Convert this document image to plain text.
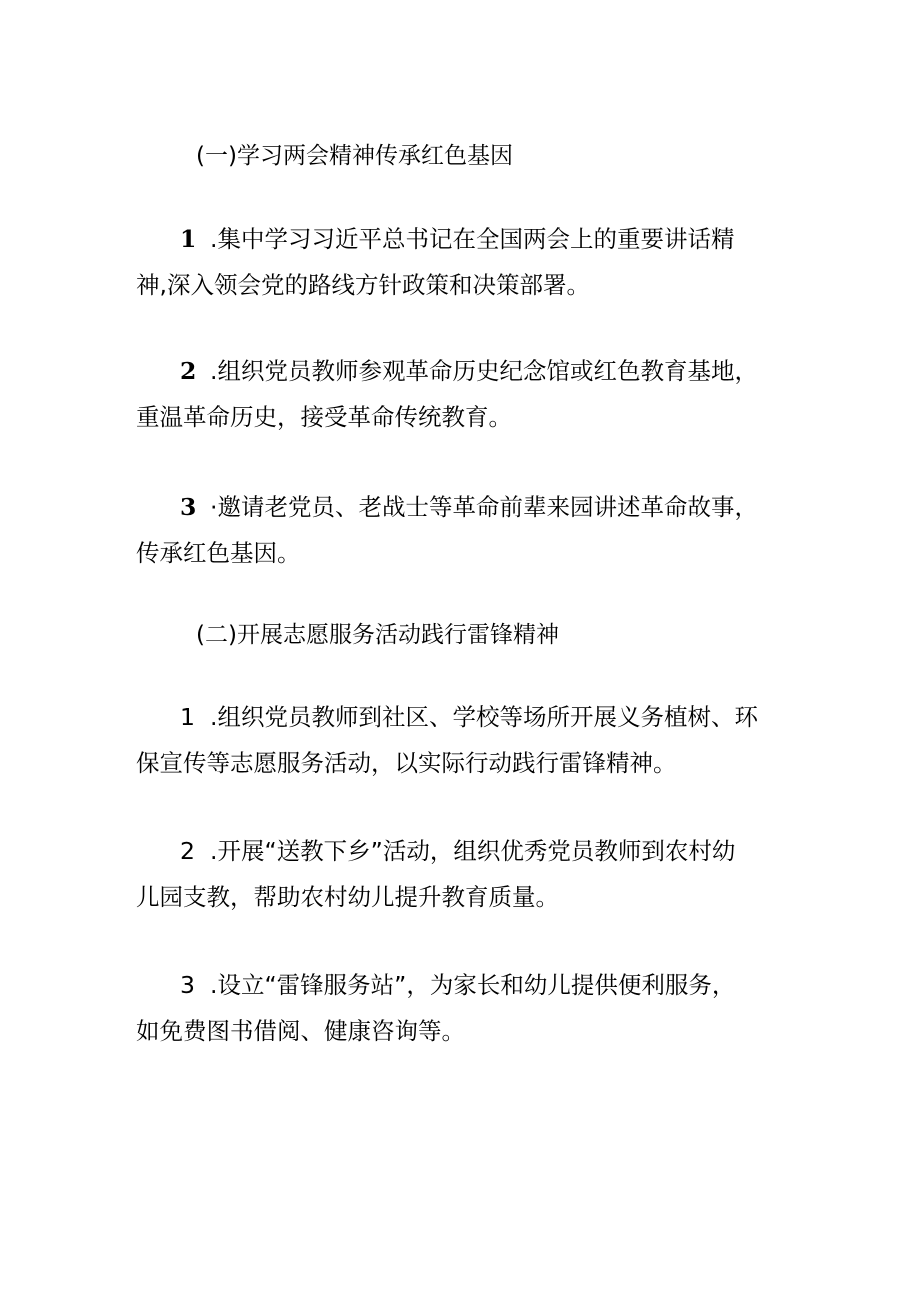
(一)学习两会精神传承红色基因
1 .集中学习习近平总书记在全国两会上的重要讲话精
神,深入领会党的路线方针政策和决策部署。
2 .组织党员教师参观革命历史纪念馆或红色教育基地，
重温革命历史，接受革命传统教育。
3 ·邀请老党员、老战士等革命前辈来园讲述革命故事，
传承红色基因。
(二)开展志愿服务活动践行雷锋精神
1 .组织党员教师到社区、学校等场所开展义务植树、环
保宣传等志愿服务活动，以实际行动践行雷锋精神。
2 .开展“送教下乡”活动，组织优秀党员教师到农村幼
儿园支教，帮助农村幼儿提升教育质量。
3 .设立“雷锋服务站”，为家长和幼儿提供便利服务，
如免费图书借阅、健康咨询等。
